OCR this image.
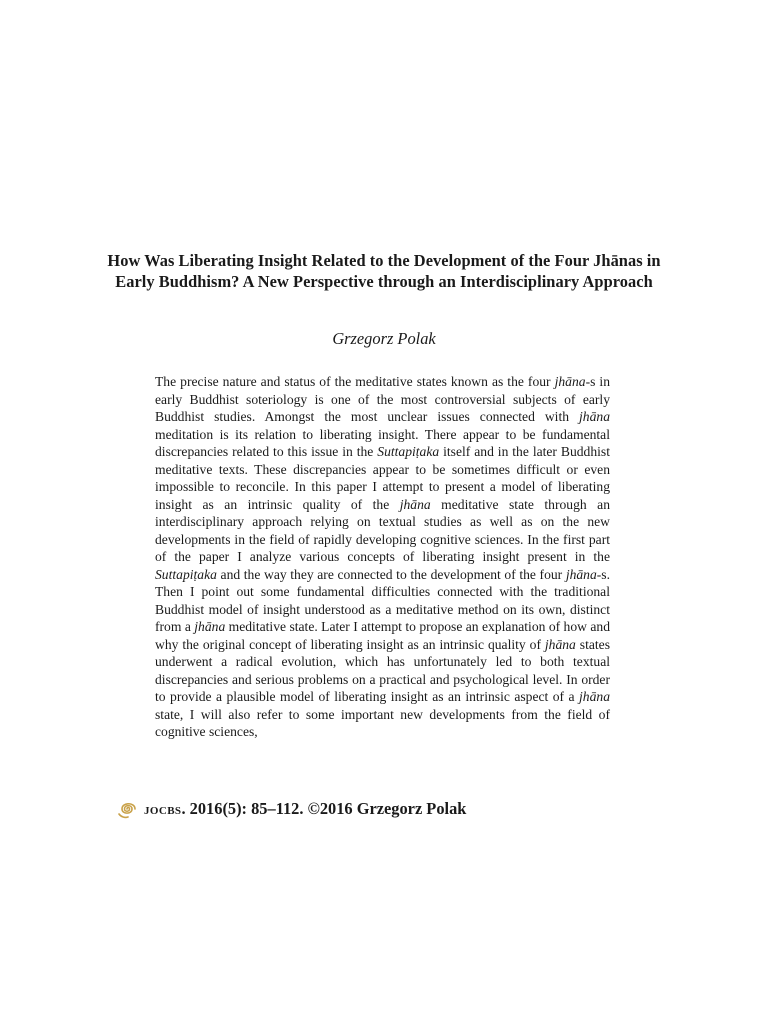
How Was Liberating Insight Related to the Development of the Four Jhānas in Early Buddhism? A New Perspective through an Interdisciplinary Approach

Grzegorz Polak

The precise nature and status of the meditative states known as the four jhāna-s in early Buddhist soteriology is one of the most controversial subjects of early Buddhist studies. Amongst the most unclear issues connected with jhāna meditation is its relation to liberating insight. There appear to be fundamental discrepancies related to this issue in the Suttapiṭaka itself and in the later Buddhist meditative texts. These discrepancies appear to be sometimes difficult or even impossible to reconcile. In this paper I attempt to present a model of liberating insight as an intrinsic quality of the jhāna meditative state through an interdisciplinary approach relying on textual studies as well as on the new developments in the field of rapidly developing cognitive sciences. In the first part of the paper I analyze various concepts of liberating insight present in the Suttapiṭaka and the way they are connected to the development of the four jhāna-s. Then I point out some fundamental difficulties connected with the traditional Buddhist model of insight understood as a meditative method on its own, distinct from a jhāna meditative state. Later I attempt to propose an explanation of how and why the original concept of liberating insight as an intrinsic quality of jhāna states underwent a radical evolution, which has unfortunately led to both textual discrepancies and serious problems on a practical and psychological level. In order to provide a plausible model of liberating insight as an intrinsic aspect of a jhāna state, I will also refer to some important new developments from the field of cognitive sciences,

jocbs. 2016(5): 85–112. ©2016 Grzegorz Polak
